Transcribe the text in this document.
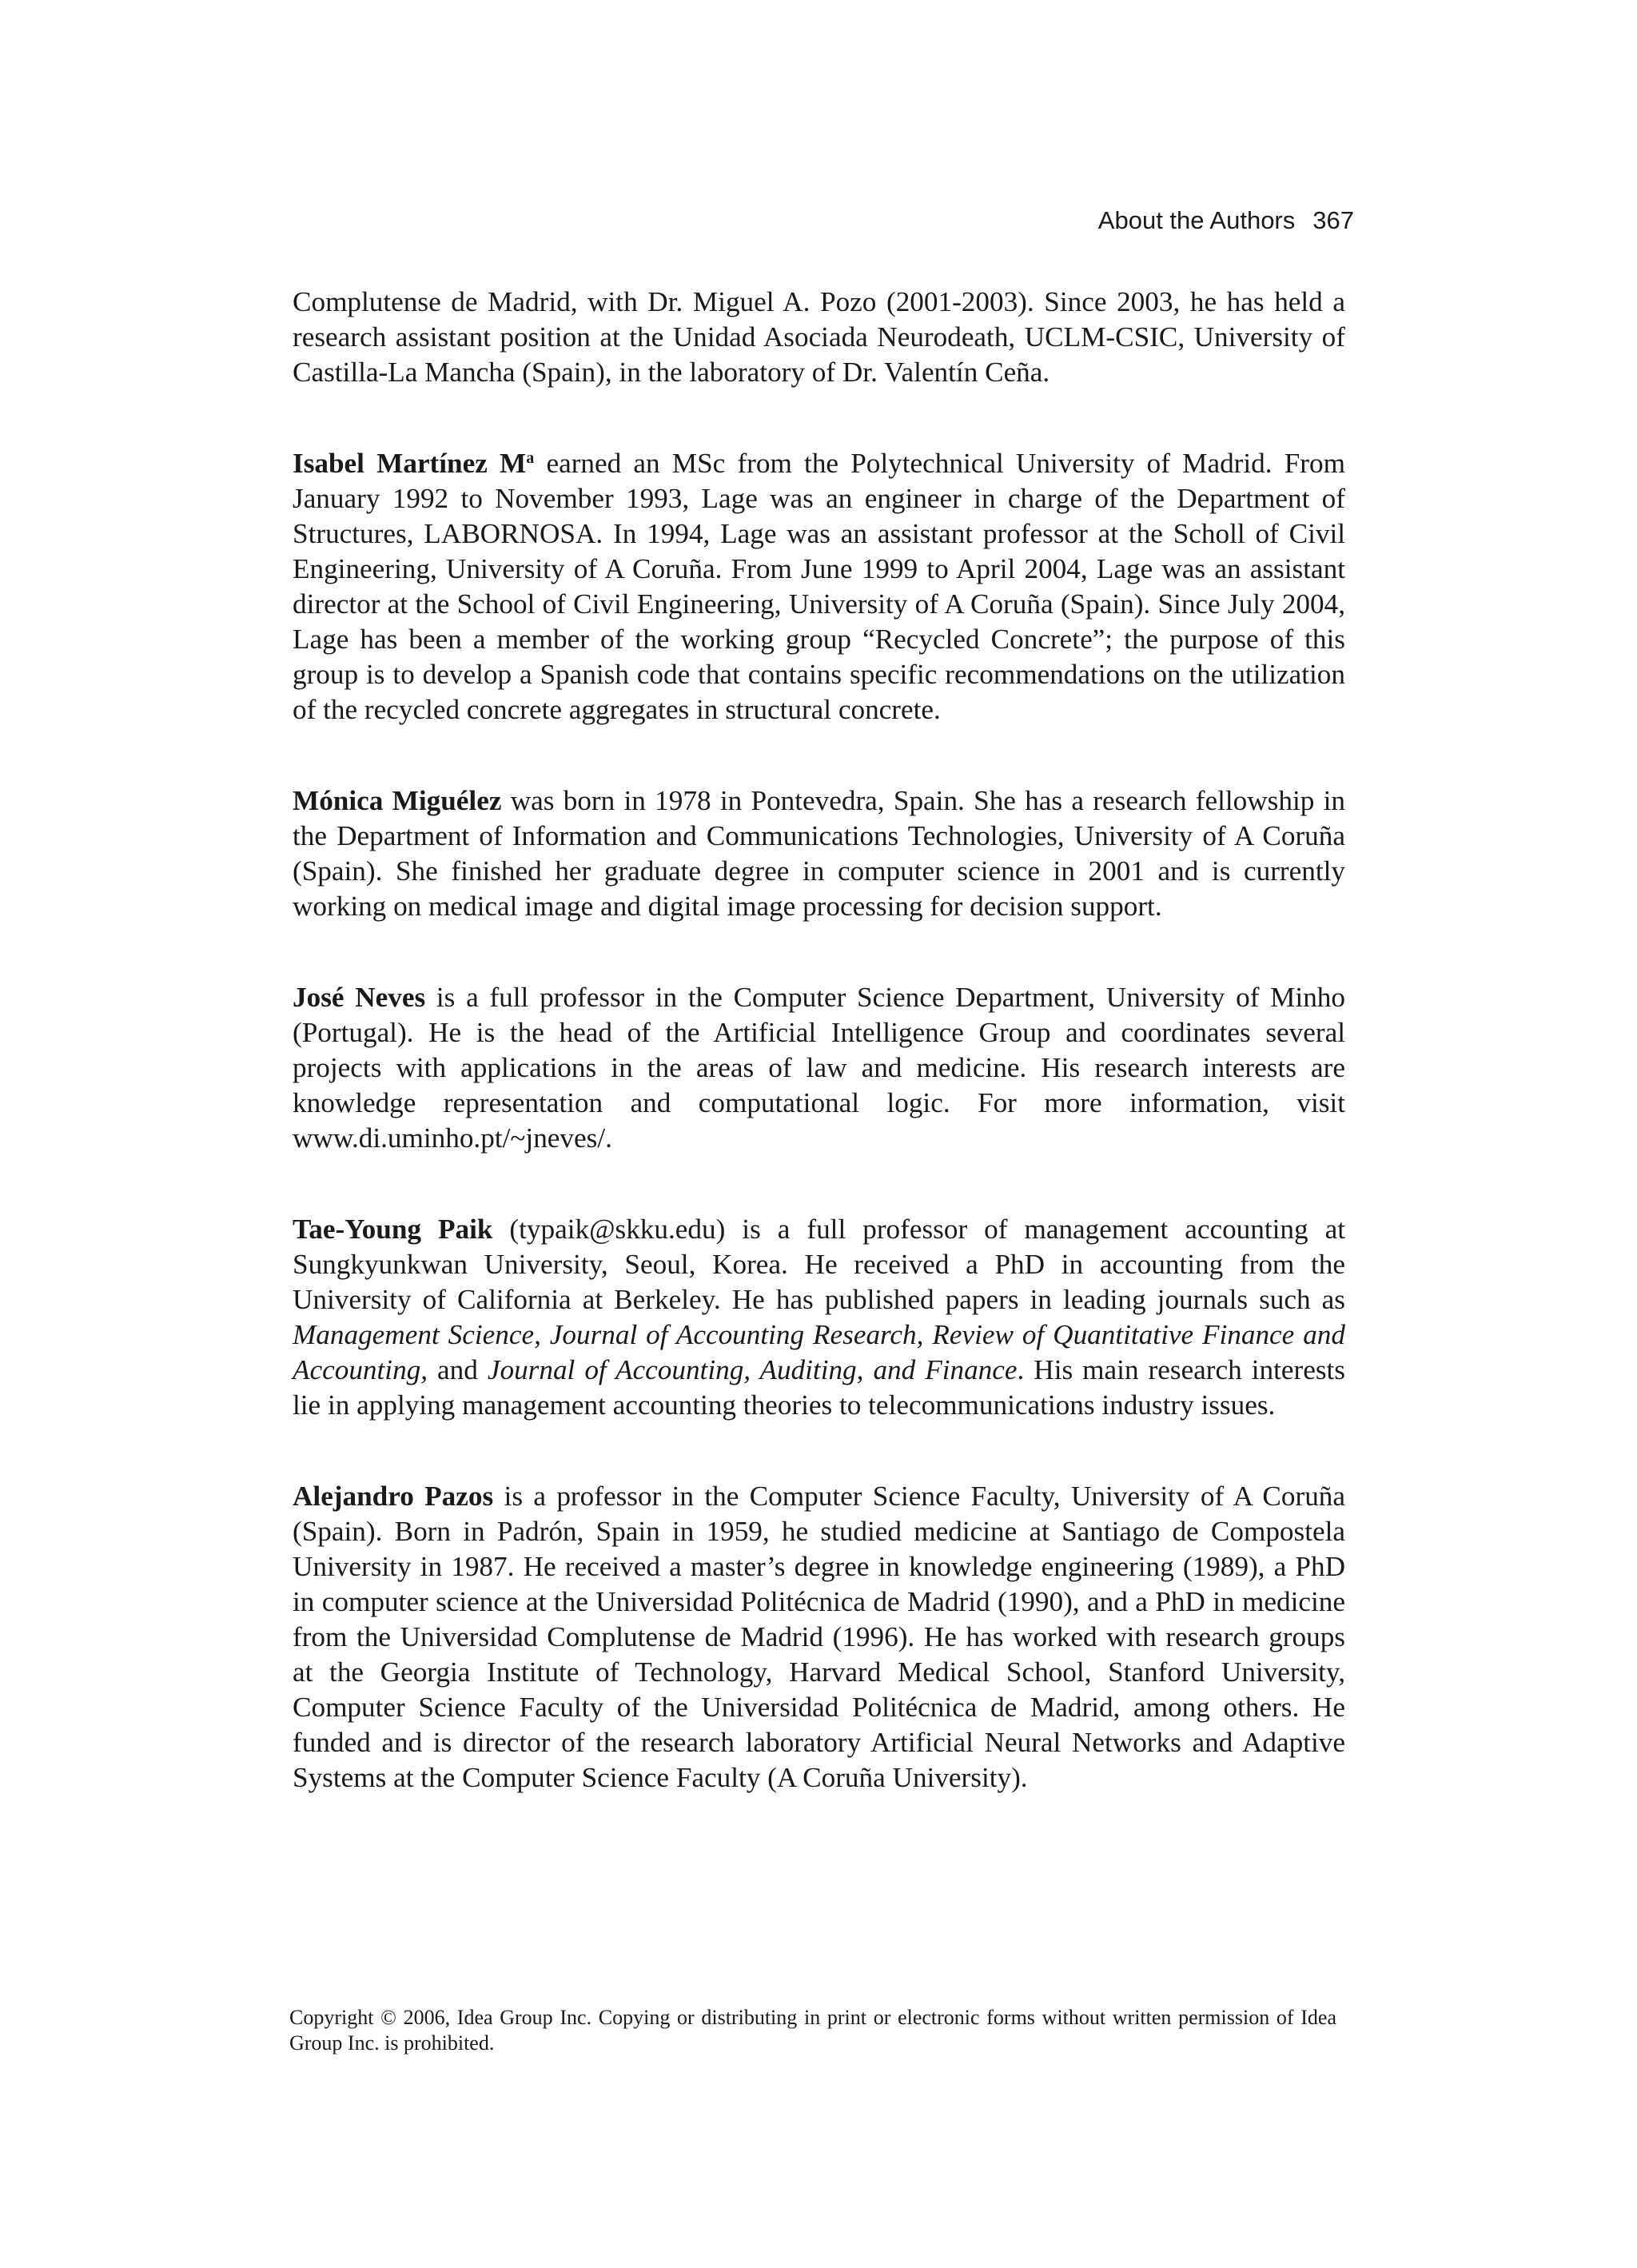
About the Authors 367

Complutense de Madrid, with Dr. Miguel A. Pozo (2001-2003). Since 2003, he has held a research assistant position at the Unidad Asociada Neurodeath, UCLM-CSIC, University of Castilla-La Mancha (Spain), in the laboratory of Dr. Valentín Ceña.

Isabel Martínez $M^a$ earned an MSc from the Polytechnical University of Madrid. From January 1992 to November 1993, Lage was an engineer in charge of the Department of Structures, LABORNOSA. In 1994, Lage was an assistant professor at the Scholl of Civil Engineering, University of A Coruña. From June 1999 to April 2004, Lage was an assistant director at the School of Civil Engineering, University of A Coruña (Spain). Since July 2004, Lage has been a member of the working group “Recycled Concrete”; the purpose of this group is to develop a Spanish code that contains specific recommendations on the utilization of the recycled concrete aggregates in structural concrete.

Mónica Miguélez was born in 1978 in Pontevedra, Spain. She has a research fellowship in the Department of Information and Communications Technologies, University of A Coruña (Spain). She finished her graduate degree in computer science in 2001 and is currently working on medical image and digital image processing for decision support.

José Neves is a full professor in the Computer Science Department, University of Minho (Portugal). He is the head of the Artificial Intelligence Group and coordinates several projects with applications in the areas of law and medicine. His research interests are knowledge representation and computational logic. For more information, visit www.di.uminho.pt/~jneves/.

Tae-Young Paik (typaik@skku.edu) is a full professor of management accounting at Sungkyunkwan University, Seoul, Korea. He received a PhD in accounting from the University of California at Berkeley. He has published papers in leading journals such as Management Science, Journal of Accounting Research, Review of Quantitative Finance and Accounting, and Journal of Accounting, Auditing, and Finance. His main research interests lie in applying management accounting theories to telecommunications industry issues.

Alejandro Pazos is a professor in the Computer Science Faculty, University of A Coruña (Spain). Born in Padrón, Spain in 1959, he studied medicine at Santiago de Compostela University in 1987. He received a master’s degree in knowledge engineering (1989), a PhD in computer science at the Universidad Politécnica de Madrid (1990), and a PhD in medicine from the Universidad Complutense de Madrid (1996). He has worked with research groups at the Georgia Institute of Technology, Harvard Medical School, Stanford University, Computer Science Faculty of the Universidad Politécnica de Madrid, among others. He funded and is director of the research laboratory Artificial Neural Networks and Adaptive Systems at the Computer Science Faculty (A Coruña University).

Copyright © 2006, Idea Group Inc. Copying or distributing in print or electronic forms without written permission of Idea Group Inc. is prohibited.
